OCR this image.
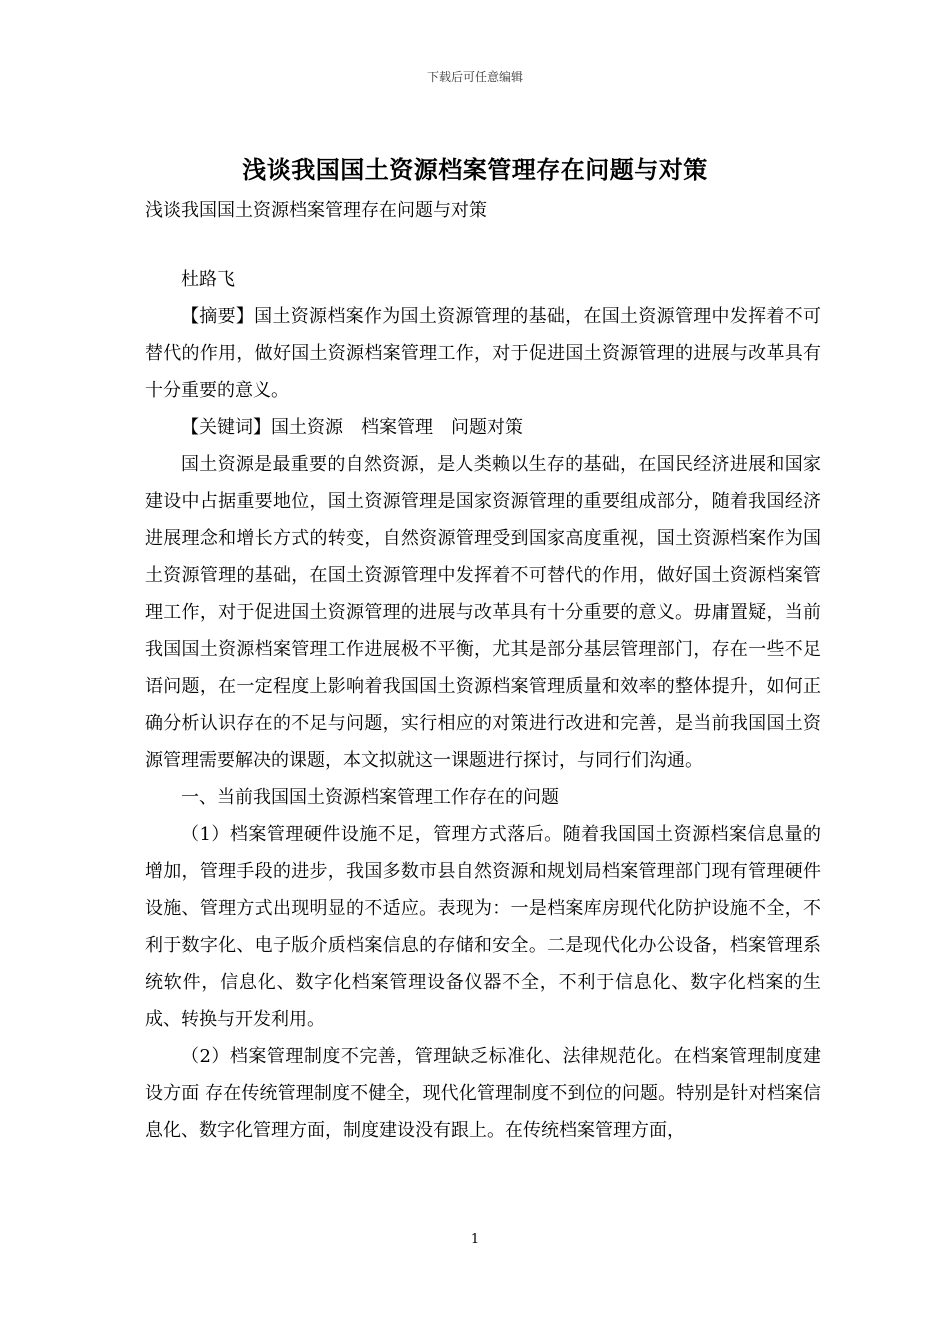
下载后可任意编辑
浅谈我国国土资源档案管理存在问题与对策

浅谈我国国土资源档案管理存在问题与对策

杜路飞

【摘要】国土资源档案作为国土资源管理的基础，在国土资源管理中发挥着不可替代的作用，做好国土资源档案管理工作，对于促进国土资源管理的进展与改革具有十分重要的意义。

【关键词】国土资源　档案管理　问题对策

国土资源是最重要的自然资源，是人类赖以生存的基础，在国民经济进展和国家建设中占据重要地位，国土资源管理是国家资源管理的重要组成部分，随着我国经济进展理念和增长方式的转变，自然资源管理受到国家高度重视，国土资源档案作为国土资源管理的基础，在国土资源管理中发挥着不可替代的作用，做好国土资源档案管理工作，对于促进国土资源管理的进展与改革具有十分重要的意义。毋庸置疑，当前我国国土资源档案管理工作进展极不平衡，尤其是部分基层管理部门，存在一些不足语问题，在一定程度上影响着我国国土资源档案管理质量和效率的整体提升，如何正确分析认识存在的不足与问题，实行相应的对策进行改进和完善，是当前我国国土资源管理需要解决的课题，本文拟就这一课题进行探讨，与同行们沟通。

一、当前我国国土资源档案管理工作存在的问题

（1）档案管理硬件设施不足，管理方式落后。随着我国国土资源档案信息量的增加，管理手段的进步，我国多数市县自然资源和规划局档案管理部门现有管理硬件设施、管理方式出现明显的不适应。表现为：一是档案库房现代化防护设施不全，不利于数字化、电子版介质档案信息的存储和安全。二是现代化办公设备，档案管理系统软件，信息化、数字化档案管理设备仪器不全，不利于信息化、数字化档案的生成、转换与开发利用。

（2）档案管理制度不完善，管理缺乏标准化、法律规范化。在档案管理制度建设方面 存在传统管理制度不健全，现代化管理制度不到位的问题。特别是针对档案信息化、数字化管理方面，制度建设没有跟上。在传统档案管理方面，

1
